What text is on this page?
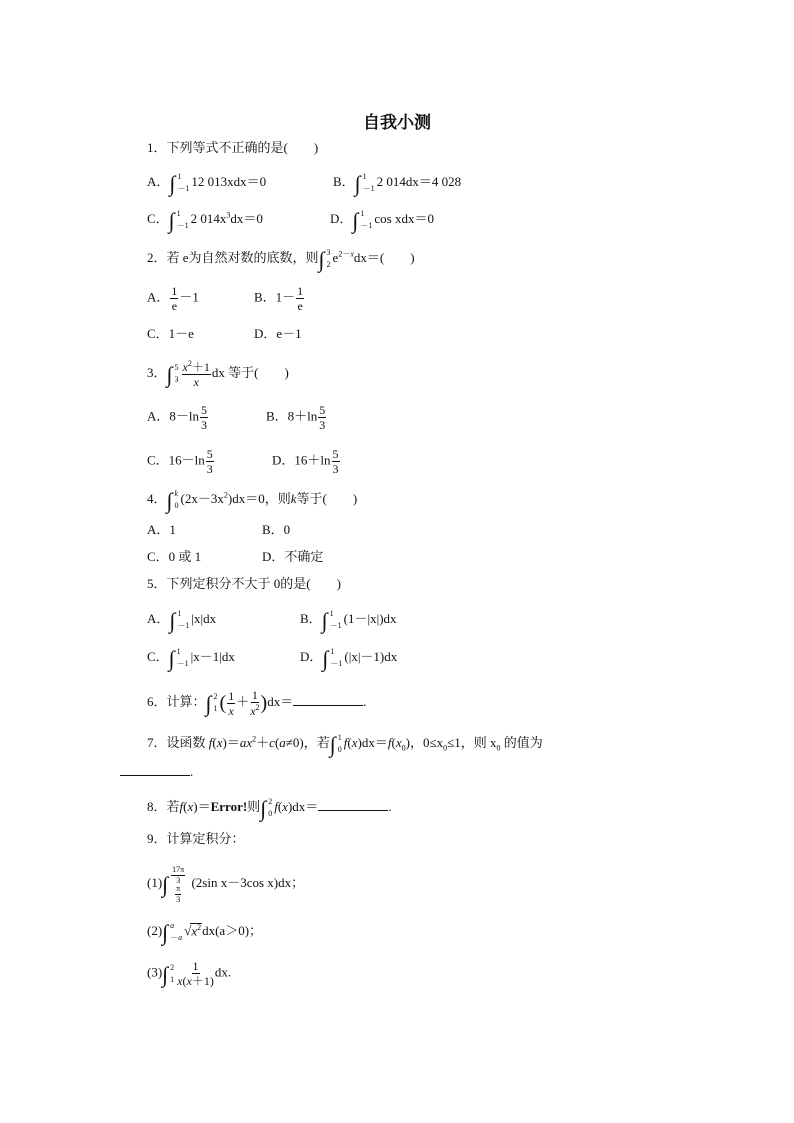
自我小测
1．下列等式不正确的是(　　)
A．∫ 1
－1 12 013xdx＝0	B．∫ 1
－1 2 014dx＝4 028
C．∫ 1
－1 2 $014x^3dx=0$	D．∫ 1
－1 cos xdx＝0
2．若 e为自然对数的底数，则∫ 3
2 $e^{2-x}dx=$(　　)
A． $\frac{1}{e} -1$	B．$1- \frac{1}{e}$
C．1－e	D．e－1
3．∫ 5
$3 \frac{x^2+1}{x}$ dx 等于(　　)
A．$8-\ln \frac{5}{3}$	B．$8+\ln \frac{5}{3}$
C．$16-\ln \frac{5}{3}$	D．$16+\ln \frac{5}{3}$
4．∫ k
0 $(2x-3x^2)dx=0$，则k等于(　　)
A．1	B．0
C．0 或 1	D．不确定
5．下列定积分不大于 0的是(　　)
A．∫ 1
－1 |x|dx	B．∫ 1
－1 (1－|x|)dx
C．∫ 1
－1 |x－1|dx	D．∫ 1
－1 (|x|－1)dx
6．计算：∫ 2
1 ( $\frac{1}{x} + \frac{1}{x^2} )dx=$	.
7．设函数 $f(x)=ax^2+c(a\ne 0)$，若∫ 1
0 $f(x)dx=f(x_0)$，$0\le x_0\le 1$，则 $x_0$ 的值为
.
8．若f(x)＝Error!则∫ 2
0 f(x)dx＝	.
9．计算定积分：
$(1)\int \frac{17\pi}{3}$
$\frac{\pi}{3}$
(2sin x－3cos x)dx；
(2)∫ a
－a $√x^2dx(a>0)$；
(3)∫ 2
$1 \frac{1}{x(x+1)}$ dx.
